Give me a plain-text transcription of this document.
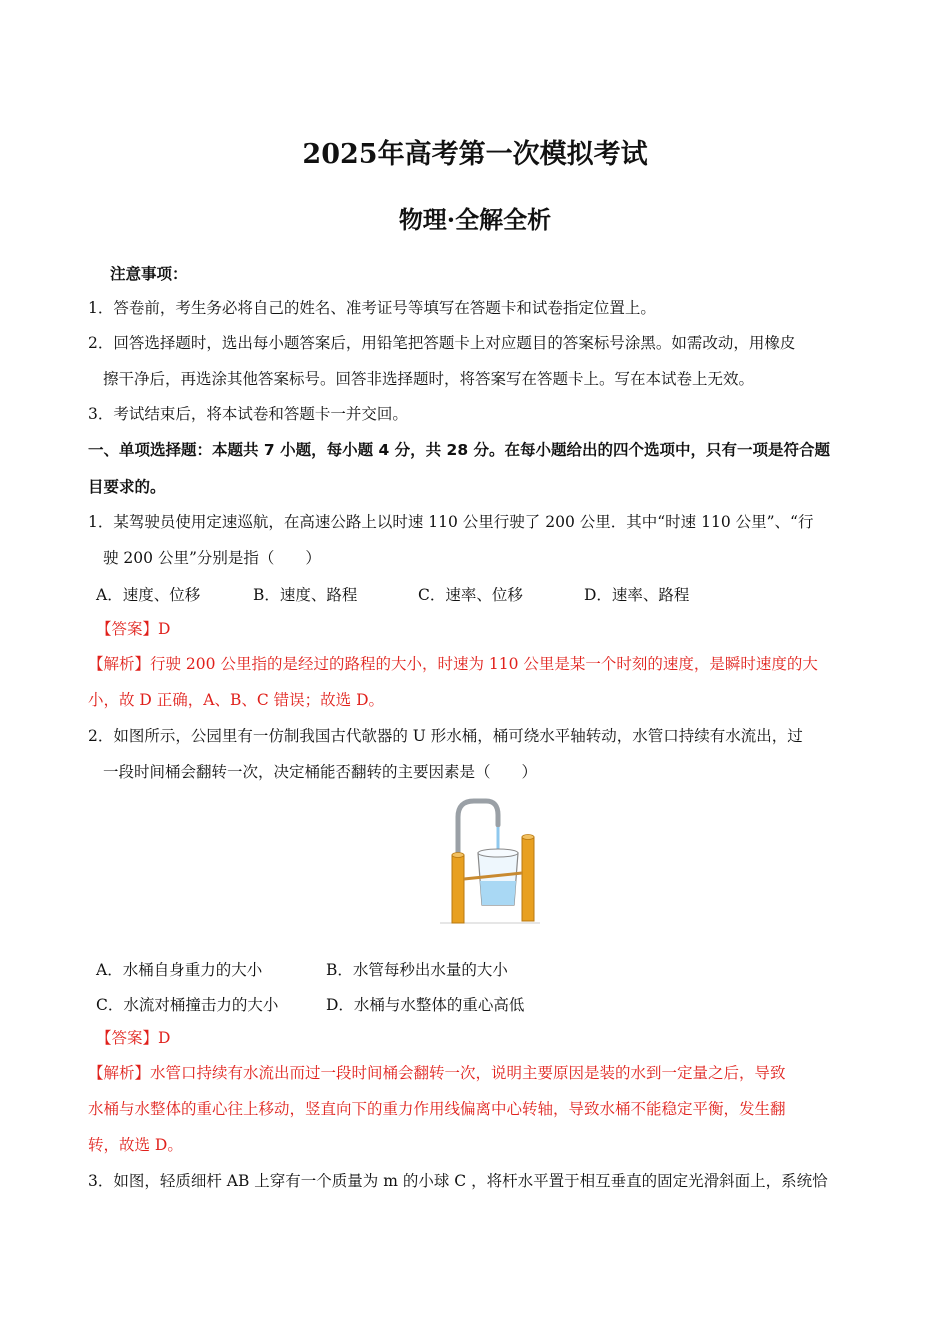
2025年高考第一次模拟考试
物理·全解全析
注意事项：
1．答卷前，考生务必将自己的姓名、准考证号等填写在答题卡和试卷指定位置上。
2．回答选择题时，选出每小题答案后，用铅笔把答题卡上对应题目的答案标号涂黑。如需改动，用橡皮
擦干净后，再选涂其他答案标号。回答非选择题时，将答案写在答题卡上。写在本试卷上无效。
3．考试结束后，将本试卷和答题卡一并交回。
一、单项选择题：本题共 7 小题，每小题 4 分，共 28 分。在每小题给出的四个选项中，只有一项是符合题
目要求的。
1．某驾驶员使用定速巡航，在高速公路上以时速 110 公里行驶了 200 公里．其中“时速 110 公里”、“行
驶 200 公里”分别是指（　　）
A．速度、位移	B．速度、路程	C．速率、位移	D．速率、路程
【答案】D
【解析】行驶 200 公里指的是经过的路程的大小，时速为 110 公里是某一个时刻的速度，是瞬时速度的大
小，故 D 正确，A、B、C 错误；故选 D。
2．如图所示，公园里有一仿制我国古代欹器的 U 形水桶，桶可绕水平轴转动，水管口持续有水流出，过
一段时间桶会翻转一次，决定桶能否翻转的主要因素是（　　）
A．水桶自身重力的大小	B．水管每秒出水量的大小
C．水流对桶撞击力的大小	D．水桶与水整体的重心高低
【答案】D
【解析】水管口持续有水流出而过一段时间桶会翻转一次，说明主要原因是装的水到一定量之后，导致
水桶与水整体的重心往上移动，竖直向下的重力作用线偏离中心转轴，导致水桶不能稳定平衡，发生翻
转，故选 D。
3．如图，轻质细杆 AB 上穿有一个质量为 m 的小球 C ，将杆水平置于相互垂直的固定光滑斜面上，系统恰
